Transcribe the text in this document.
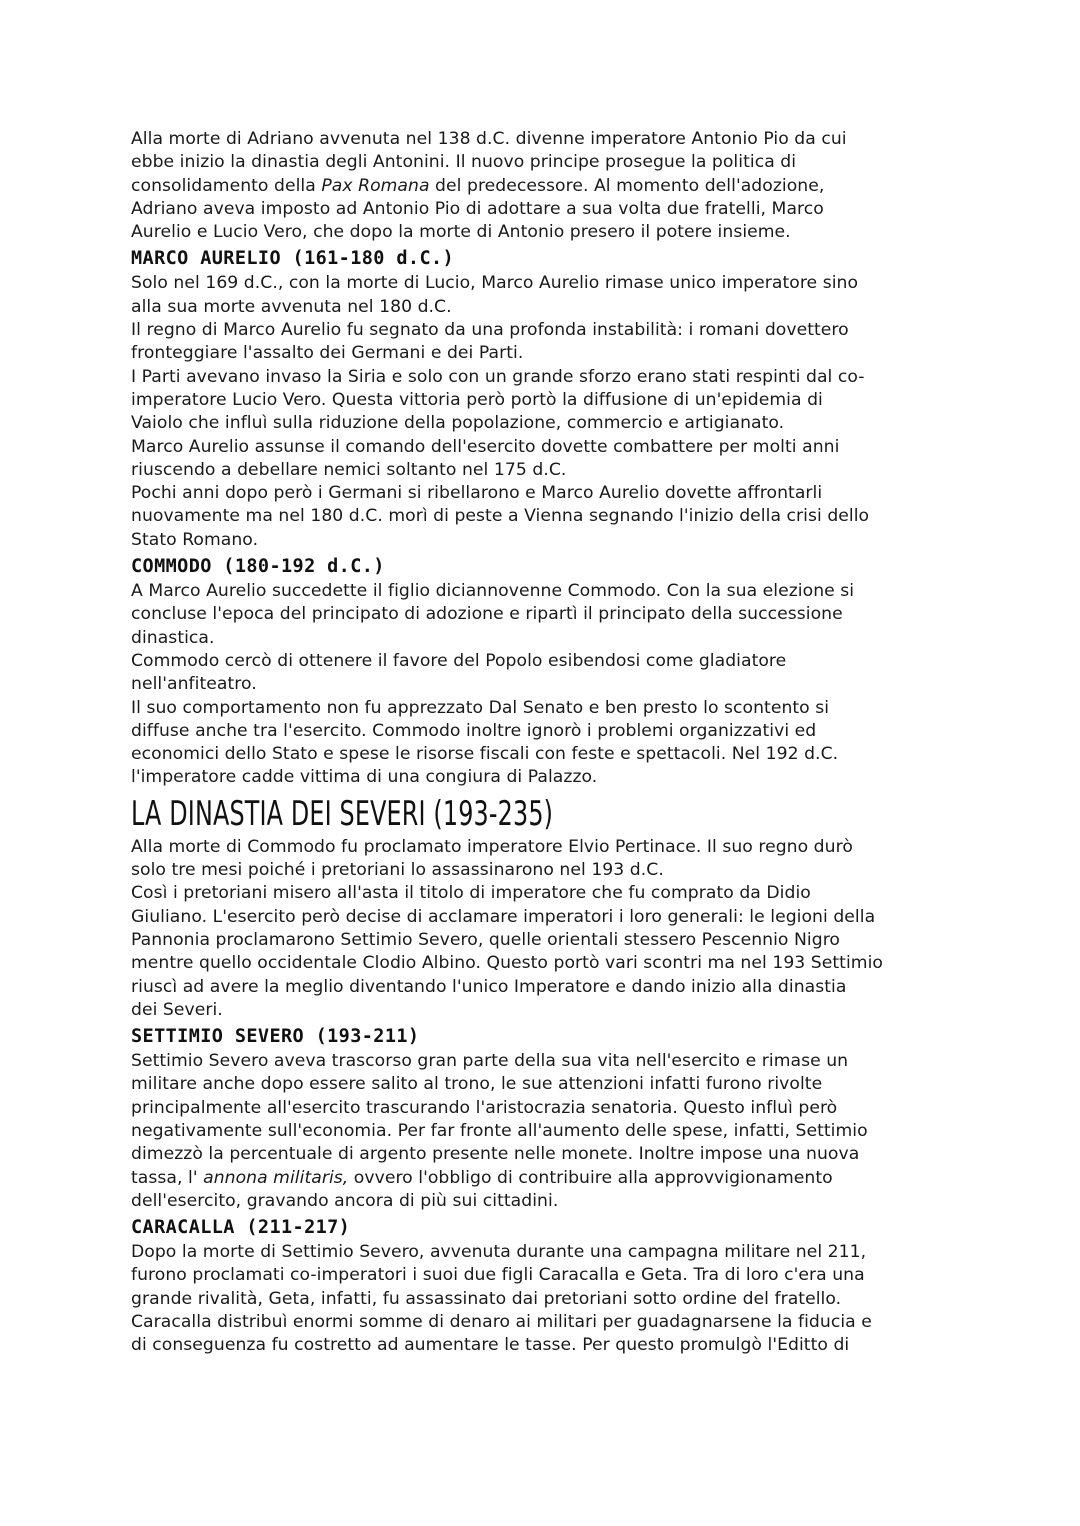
Alla morte di Adriano avvenuta nel 138 d.C. divenne imperatore Antonio Pio da cui
ebbe inizio la dinastia degli Antonini. Il nuovo principe prosegue la politica di
consolidamento della Pax Romana del predecessore. Al momento dell'adozione,
Adriano aveva imposto ad Antonio Pio di adottare a sua volta due fratelli, Marco
Aurelio e Lucio Vero, che dopo la morte di Antonio presero il potere insieme.
MARCO AURELIO (161-180 d.C.)
Solo nel 169 d.C., con la morte di Lucio, Marco Aurelio rimase unico imperatore sino
alla sua morte avvenuta nel 180 d.C.
Il regno di Marco Aurelio fu segnato da una profonda instabilità: i romani dovettero
fronteggiare l'assalto dei Germani e dei Parti.
I Parti avevano invaso la Siria e solo con un grande sforzo erano stati respinti dal co-
imperatore Lucio Vero. Questa vittoria però portò la diffusione di un'epidemia di
Vaiolo che influì sulla riduzione della popolazione, commercio e artigianato.
Marco Aurelio assunse il comando dell'esercito dovette combattere per molti anni
riuscendo a debellare nemici soltanto nel 175 d.C.
Pochi anni dopo però i Germani si ribellarono e Marco Aurelio dovette affrontarli
nuovamente ma nel 180 d.C. morì di peste a Vienna segnando l'inizio della crisi dello
Stato Romano.
COMMODO (180-192 d.C.)
A Marco Aurelio succedette il figlio diciannovenne Commodo. Con la sua elezione si
concluse l'epoca del principato di adozione e ripartì il principato della successione
dinastica.
Commodo cercò di ottenere il favore del Popolo esibendosi come gladiatore
nell'anfiteatro.
Il suo comportamento non fu apprezzato Dal Senato e ben presto lo scontento si
diffuse anche tra l'esercito. Commodo inoltre ignorò i problemi organizzativi ed
economici dello Stato e spese le risorse fiscali con feste e spettacoli. Nel 192 d.C.
l'imperatore cadde vittima di una congiura di Palazzo.
LA DINASTIA DEI SEVERI (193-235)
Alla morte di Commodo fu proclamato imperatore Elvio Pertinace. Il suo regno durò
solo tre mesi poiché i pretoriani lo assassinarono nel 193 d.C.
Così i pretoriani misero all'asta il titolo di imperatore che fu comprato da Didio
Giuliano. L'esercito però decise di acclamare imperatori i loro generali: le legioni della
Pannonia proclamarono Settimio Severo, quelle orientali stessero Pescennio Nigro
mentre quello occidentale Clodio Albino. Questo portò vari scontri ma nel 193 Settimio
riuscì ad avere la meglio diventando l'unico Imperatore e dando inizio alla dinastia
dei Severi.
SETTIMIO SEVERO (193-211)
Settimio Severo aveva trascorso gran parte della sua vita nell'esercito e rimase un
militare anche dopo essere salito al trono, le sue attenzioni infatti furono rivolte
principalmente all'esercito trascurando l'aristocrazia senatoria. Questo influì però
negativamente sull'economia. Per far fronte all'aumento delle spese, infatti, Settimio
dimezzò la percentuale di argento presente nelle monete. Inoltre impose una nuova
tassa, l' annona militaris, ovvero l'obbligo di contribuire alla approvvigionamento
dell'esercito, gravando ancora di più sui cittadini.
CARACALLA (211-217)
Dopo la morte di Settimio Severo, avvenuta durante una campagna militare nel 211,
furono proclamati co-imperatori i suoi due figli Caracalla e Geta. Tra di loro c'era una
grande rivalità, Geta, infatti, fu assassinato dai pretoriani sotto ordine del fratello.
Caracalla distribuì enormi somme di denaro ai militari per guadagnarsene la fiducia e
di conseguenza fu costretto ad aumentare le tasse. Per questo promulgò l'Editto di
